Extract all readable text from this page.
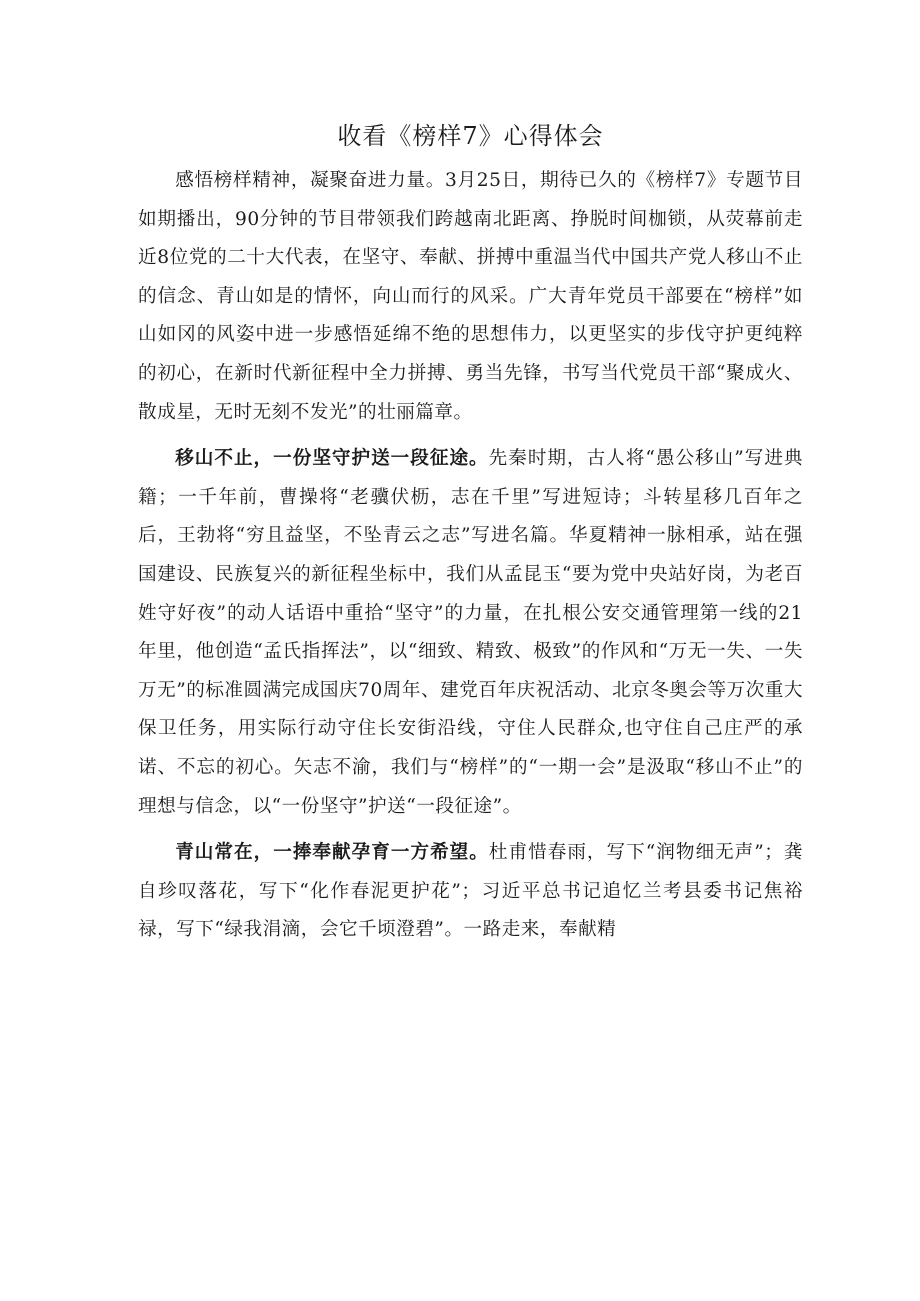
收看《榜样7》心得体会

感悟榜样精神，凝聚奋进力量。3月25日，期待已久的《榜样7》专题节目如期播出，90分钟的节目带领我们跨越南北距离、挣脱时间枷锁，从荧幕前走近8位党的二十大代表，在坚守、奉献、拼搏中重温当代中国共产党人移山不止的信念、青山如是的情怀，向山而行的风采。广大青年党员干部要在“榜样”如山如冈的风姿中进一步感悟延绵不绝的思想伟力，以更坚实的步伐守护更纯粹的初心，在新时代新征程中全力拼搏、勇当先锋，书写当代党员干部“聚成火、散成星，无时无刻不发光”的壮丽篇章。

移山不止，一份坚守护送一段征途。先秦时期，古人将“愚公移山”写进典籍；一千年前，曹操将“老骥伏枥，志在千里”写进短诗；斗转星移几百年之后，王勃将“穷且益坚，不坠青云之志”写进名篇。华夏精神一脉相承，站在强国建设、民族复兴的新征程坐标中，我们从孟昆玉“要为党中央站好岗，为老百姓守好夜”的动人话语中重拾“坚守”的力量，在扎根公安交通管理第一线的21年里，他创造“孟氏指挥法”，以“细致、精致、极致”的作风和“万无一失、一失万无”的标准圆满完成国庆70周年、建党百年庆祝活动、北京冬奥会等万次重大保卫任务，用实际行动守住长安街沿线，守住人民群众,也守住自己庄严的承诺、不忘的初心。矢志不渝，我们与“榜样”的“一期一会”是汲取“移山不止”的理想与信念，以“一份坚守”护送“一段征途”。

青山常在，一捧奉献孕育一方希望。杜甫惜春雨，写下“润物细无声”；龚自珍叹落花，写下“化作春泥更护花”；习近平总书记追忆兰考县委书记焦裕禄，写下“绿我涓滴，会它千顷澄碧”。一路走来，奉献精
